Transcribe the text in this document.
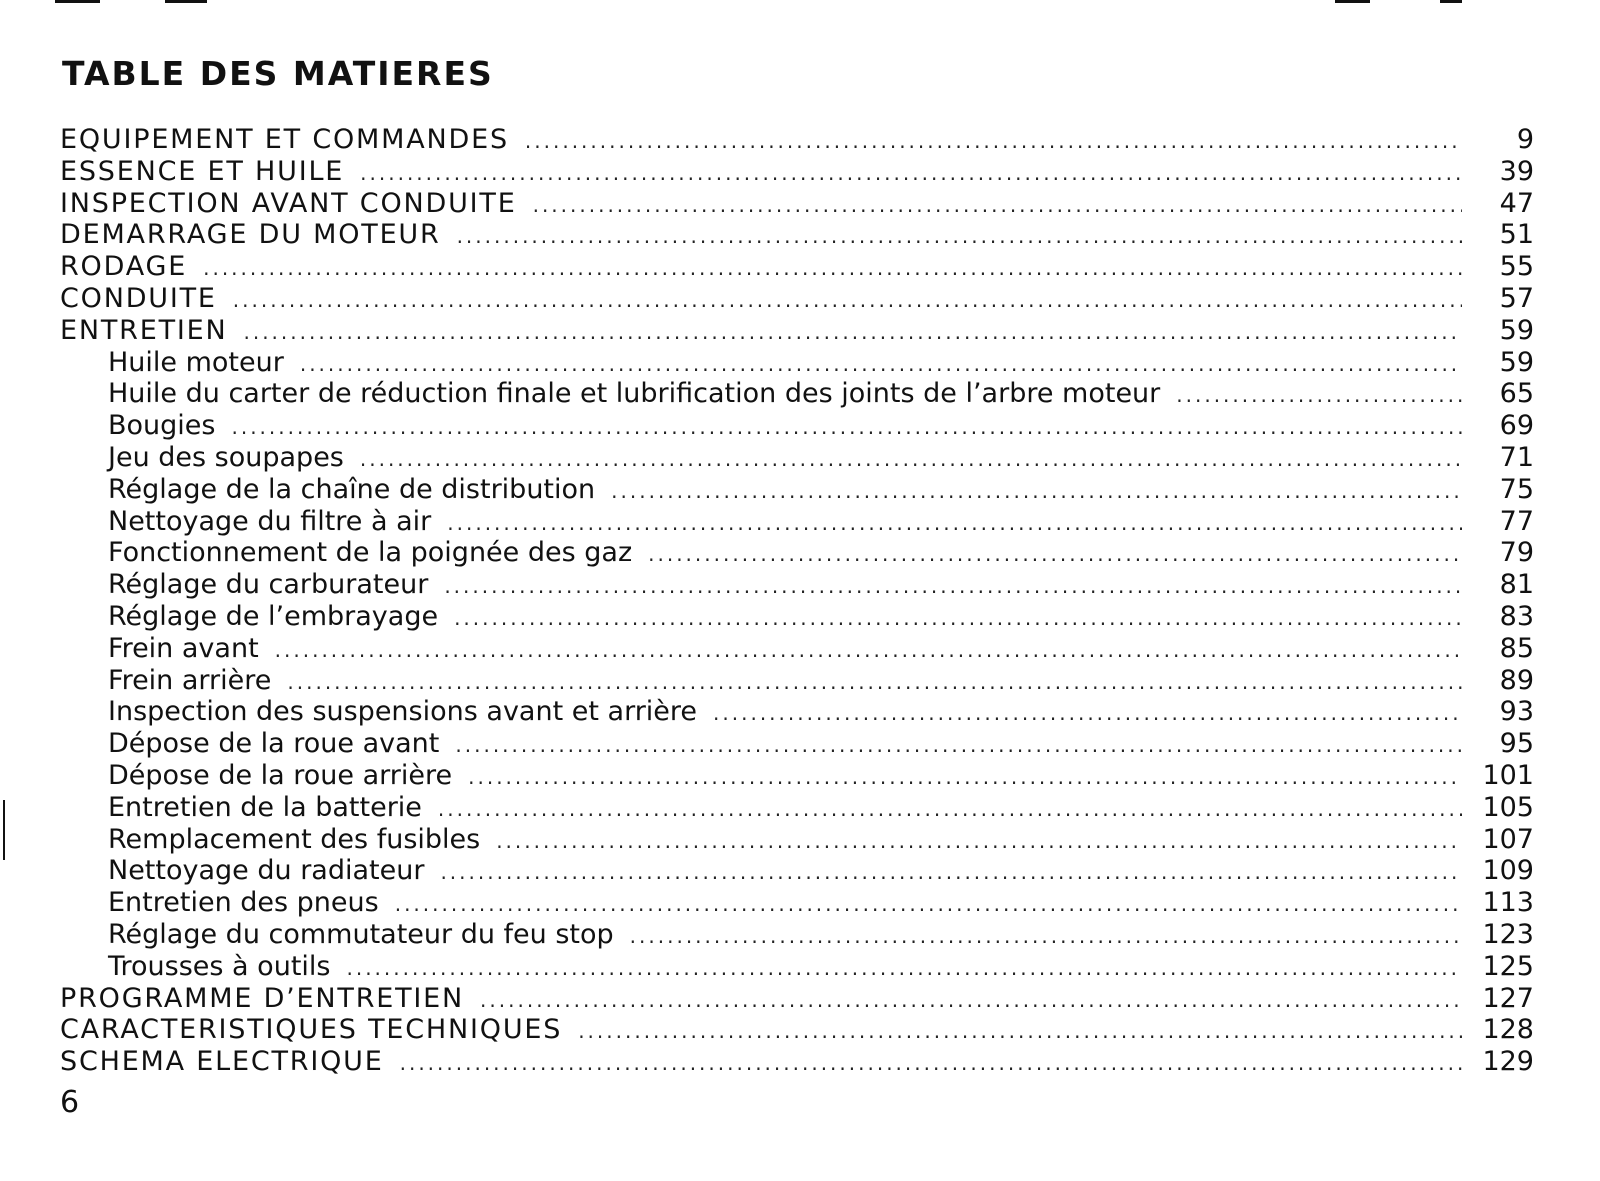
TABLE DES MATIERES
EQUIPEMENT ET COMMANDES .....	9
ESSENCE ET HUILE .....	39
INSPECTION AVANT CONDUITE .....	47
DEMARRAGE DU MOTEUR .....	51
RODAGE .....	55
CONDUITE .....	57
ENTRETIEN .....	59
Huile moteur .....	59
Huile du carter de réduction finale et lubrification des joints de l’arbre moteur .....	65
Bougies .....	69
Jeu des soupapes .....	71
Réglage de la chaîne de distribution .....	75
Nettoyage du filtre à air .....	77
Fonctionnement de la poignée des gaz .....	79
Réglage du carburateur .....	81
Réglage de l’embrayage .....	83
Frein avant .....	85
Frein arrière .....	89
Inspection des suspensions avant et arrière .....	93
Dépose de la roue avant .....	95
Dépose de la roue arrière .....	101
Entretien de la batterie .....	105
Remplacement des fusibles .....	107
Nettoyage du radiateur .....	109
Entretien des pneus .....	113
Réglage du commutateur du feu stop .....	123
Trousses à outils .....	125
PROGRAMME D’ENTRETIEN .....	127
CARACTERISTIQUES TECHNIQUES .....	128
SCHEMA ELECTRIQUE .....	129

6
